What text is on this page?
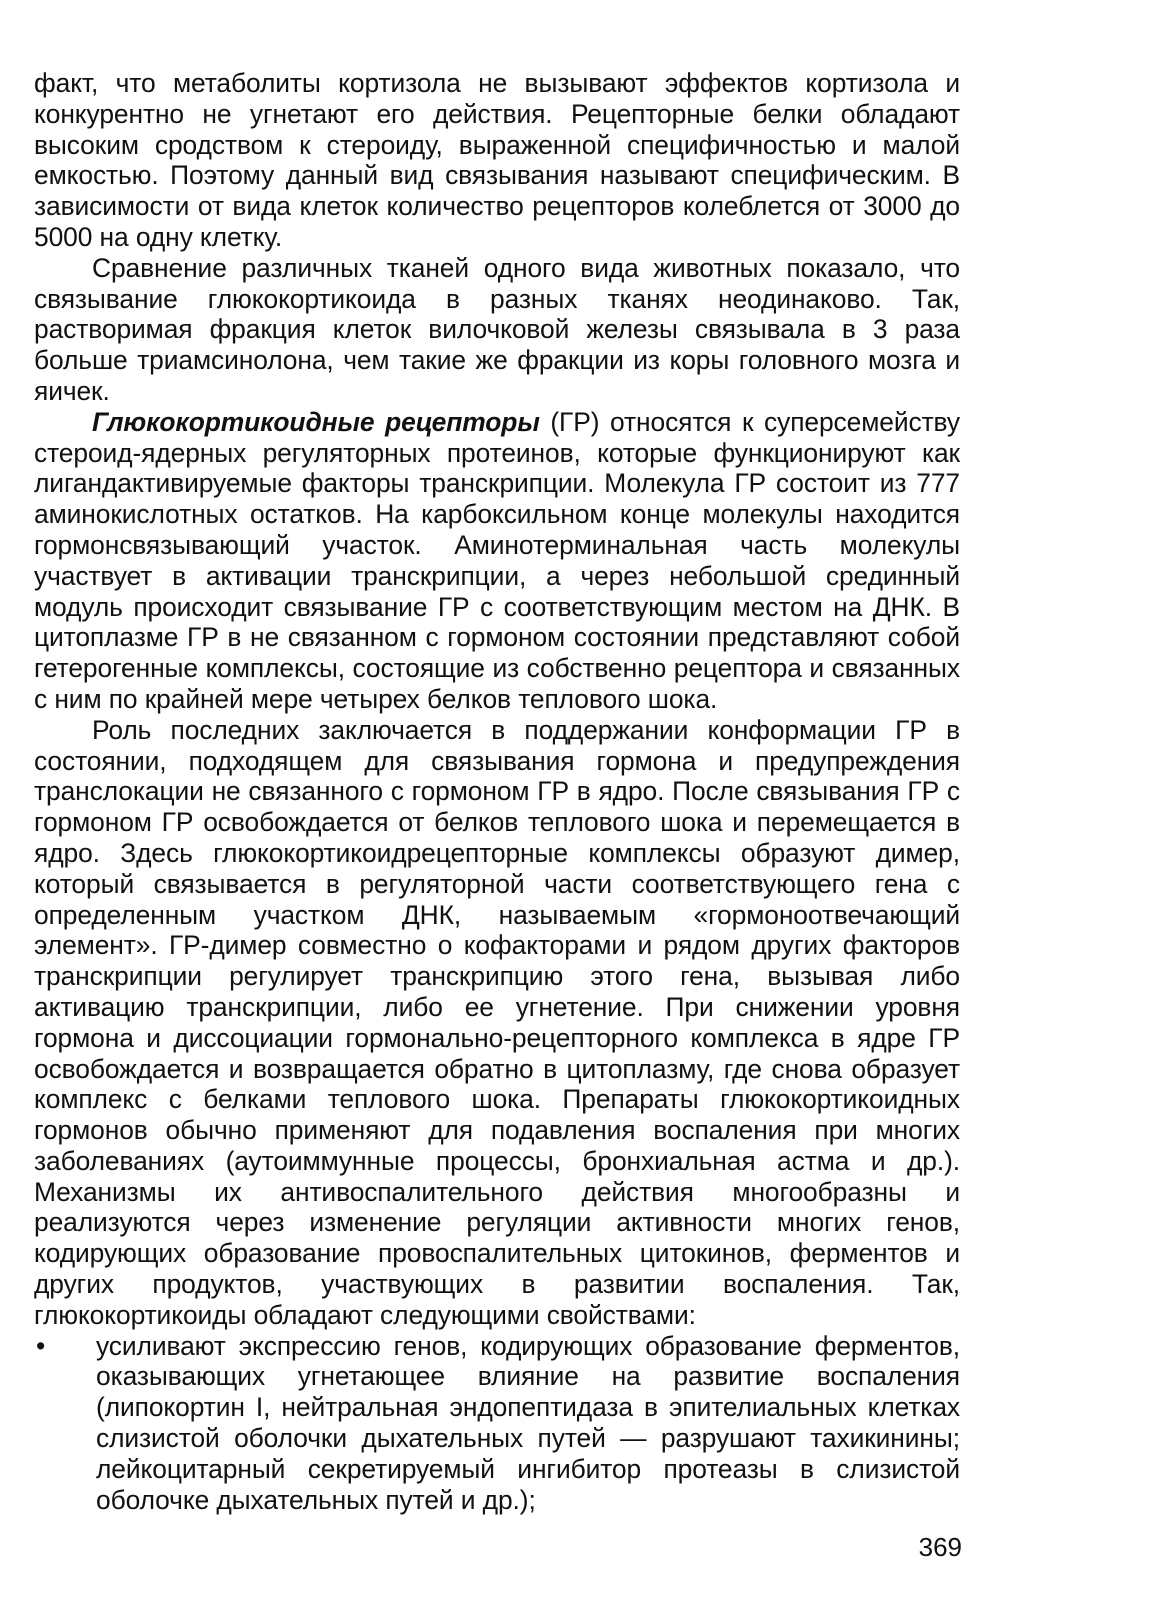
факт, что метаболиты кортизола не вызывают эффектов кортизола и конкурентно не угнетают его действия. Рецепторные белки обладают высоким сродством к стероиду, выраженной специфичностью и малой емкостью. Поэтому данный вид связывания называют специфическим. В зависимости от вида клеток количество рецепторов колеблется от 3000 до 5000 на одну клетку.

Сравнение различных тканей одного вида животных показало, что связывание глюкокортикоида в разных тканях неодинаково. Так, растворимая фракция клеток вилочковой железы связывала в 3 раза больше триамсинолона, чем такие же фракции из коры головного мозга и яичек.

Глюкокортикоидные рецепторы (ГР) относятся к суперсемейству стероид-ядерных регуляторных протеинов, которые функционируют как лигандактивируемые факторы транскрипции. Молекула ГР состоит из 777 аминокислотных остатков. На карбоксильном конце молекулы находится гормонсвязывающий участок. Аминотерминальная часть молекулы участвует в активации транскрипции, а через небольшой срединный модуль происходит связывание ГР с соответствующим местом на ДНК. В цитоплазме ГР в не связанном с гормоном состоянии представляют собой гетерогенные комплексы, состоящие из собственно рецептора и связанных с ним по крайней мере четырех белков теплового шока.

Роль последних заключается в поддержании конформации ГР в состоянии, подходящем для связывания гормона и предупреждения транслокации не связанного с гормоном ГР в ядро. После связывания ГР с гормоном ГР освобождается от белков теплового шока и перемещается в ядро. Здесь глюкокортикоидрецепторные комплексы образуют димер, который связывается в регуляторной части соответствующего гена с определенным участком ДНК, называемым «гормоноотвечающий элемент». ГР-димер совместно о кофакторами и рядом других факторов транскрипции регулирует транскрипцию этого гена, вызывая либо активацию транскрипции, либо ее угнетение. При снижении уровня гормона и диссоциации гормонально-рецепторного комплекса в ядре ГР освобождается и возвращается обратно в цитоплазму, где снова образует комплекс с белками теплового шока. Препараты глюкокортикоидных гормонов обычно применяют для подавления воспаления при многих заболеваниях (аутоиммунные процессы, бронхиальная астма и др.). Механизмы их антивоспалительного действия многообразны и реализуются через изменение регуляции активности многих генов, кодирующих образование провоспалительных цитокинов, ферментов и других продуктов, участвующих в развитии воспаления. Так, глюкокортикоиды обладают следующими свойствами:

•	усиливают экспрессию генов, кодирующих образование ферментов, оказывающих угнетающее влияние на развитие воспаления (липокортин I, нейтральная эндопептидаза в эпителиальных клетках слизистой оболочки дыхательных путей — разрушают тахикинины; лейкоцитарный секретируемый ингибитор протеазы в слизистой оболочке дыхательных путей и др.);
369
